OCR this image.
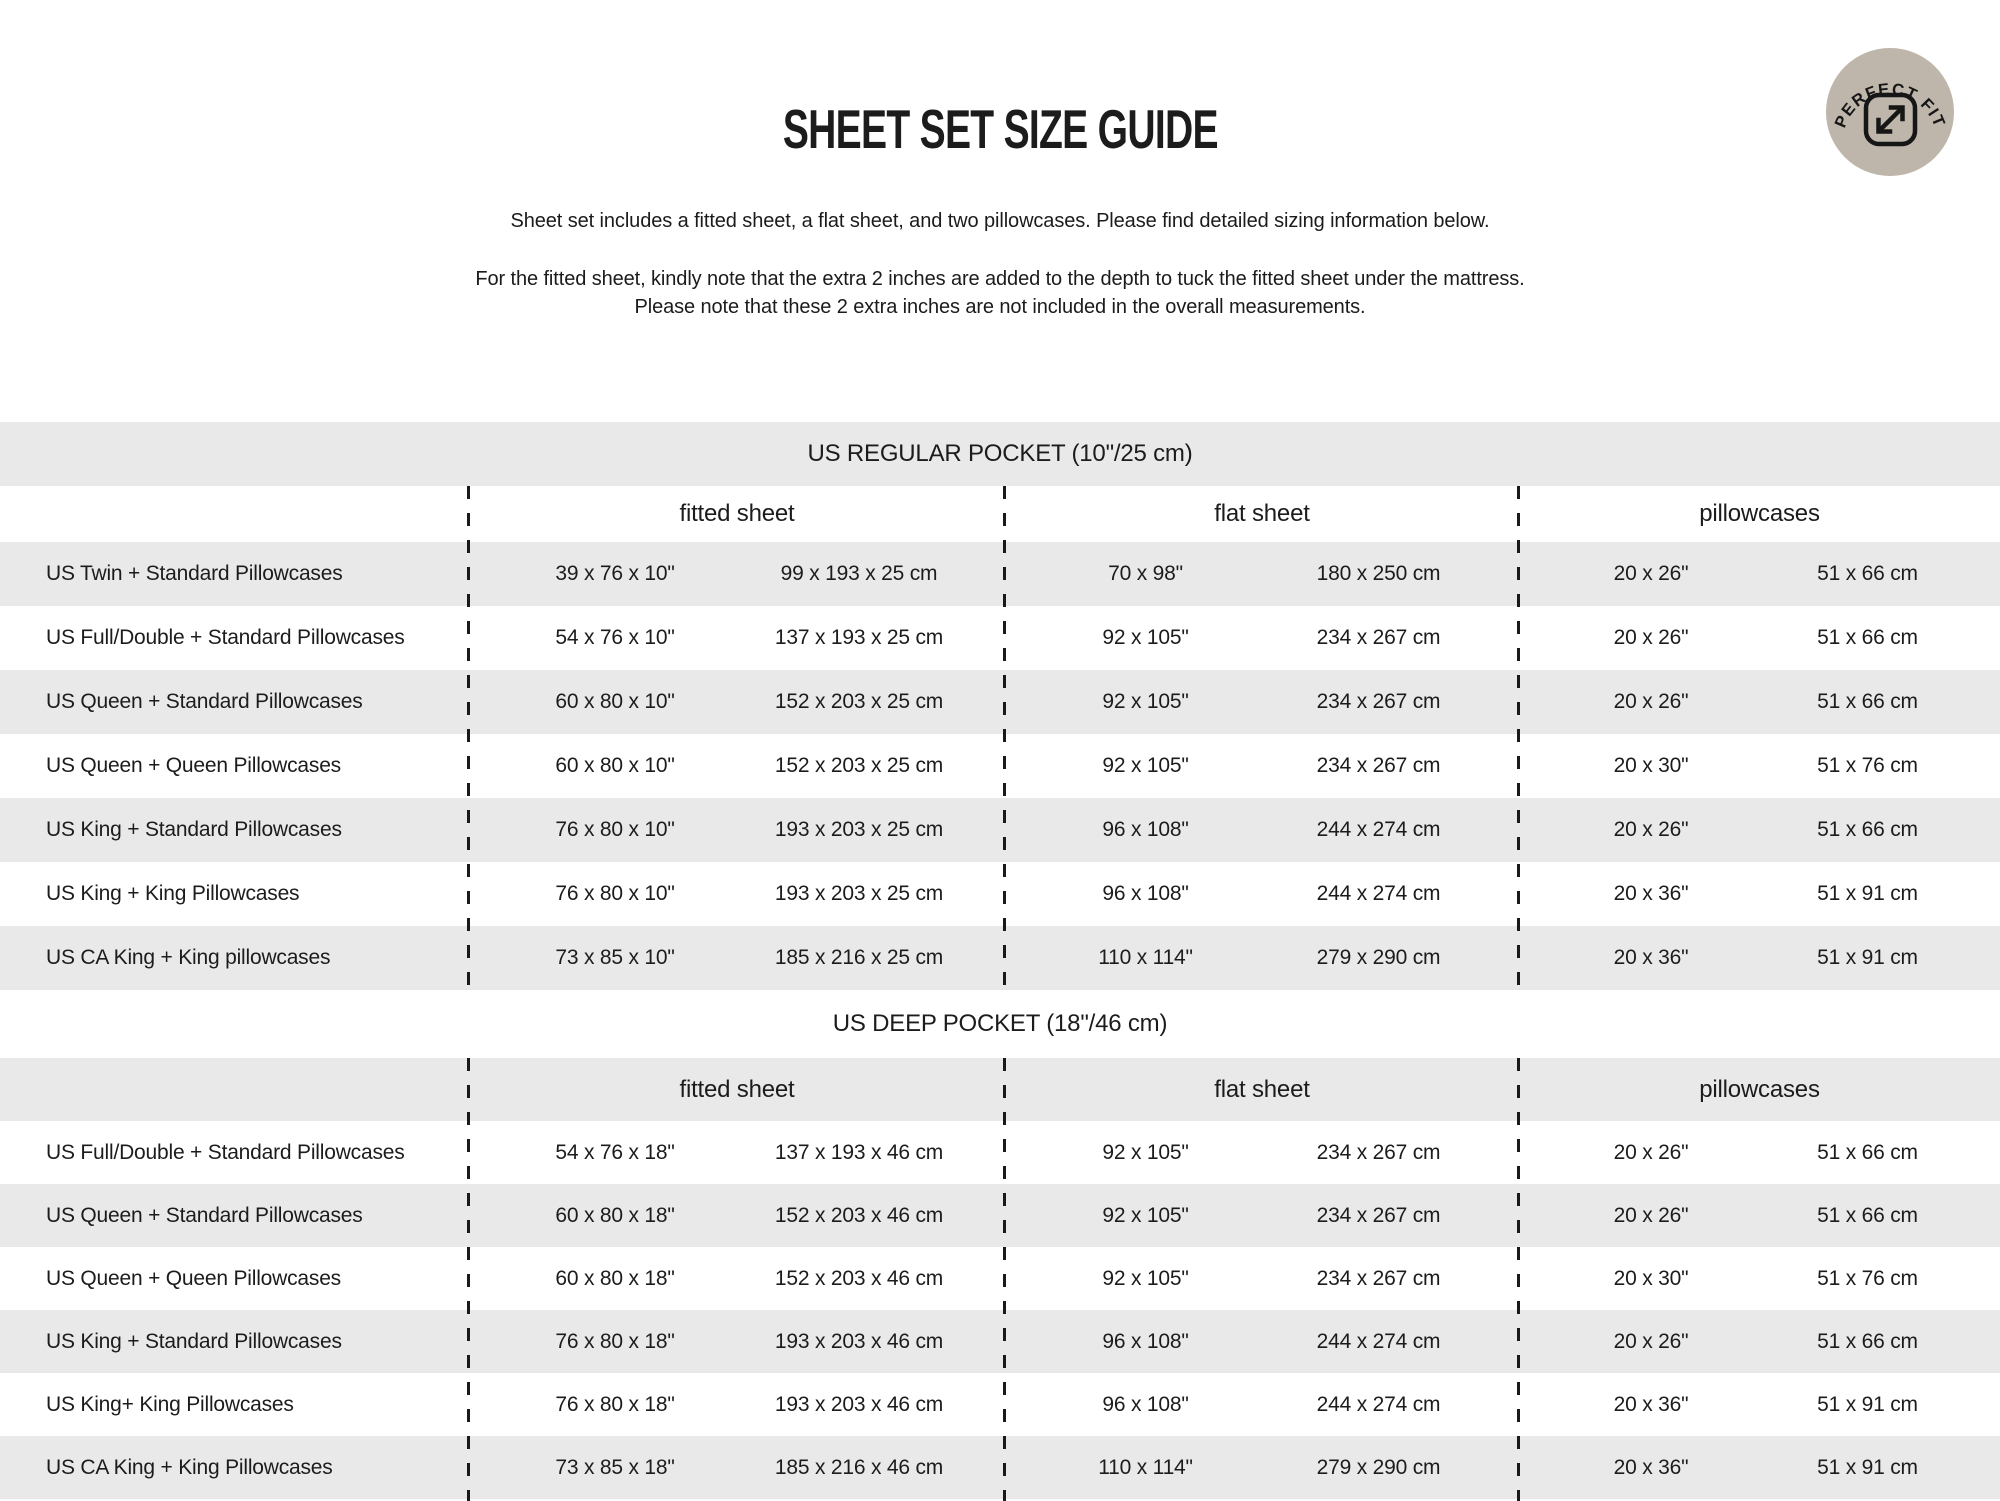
SHEET SET SIZE GUIDE	PERFECT FIT

Sheet set includes a fitted sheet, a flat sheet, and two pillowcases. Please find detailed sizing information below.

For the fitted sheet, kindly note that the extra 2 inches are added to the depth to tuck the fitted sheet under the mattress.
Please note that these 2 extra inches are not included in the overall measurements.

US REGULAR POCKET (10"/25 cm)
fitted sheet	flat sheet	pillowcases
US Twin + Standard Pillowcases	39 x 76 x 10"	99 x 193 x 25 cm	70 x 98"	180 x 250 cm	20 x 26"	51 x 66 cm
US Full/Double + Standard Pillowcases	54 x 76 x 10"	137 x 193 x 25 cm	92 x 105"	234 x 267 cm	20 x 26"	51 x 66 cm
US Queen + Standard Pillowcases	60 x 80 x 10"	152 x 203 x 25 cm	92 x 105"	234 x 267 cm	20 x 26"	51 x 66 cm
US Queen + Queen Pillowcases	60 x 80 x 10"	152 x 203 x 25 cm	92 x 105"	234 x 267 cm	20 x 30"	51 x 76 cm
US King + Standard Pillowcases	76 x 80 x 10"	193 x 203 x 25 cm	96 x 108"	244 x 274 cm	20 x 26"	51 x 66 cm
US King + King Pillowcases	76 x 80 x 10"	193 x 203 x 25 cm	96 x 108"	244 x 274 cm	20 x 36"	51 x 91 cm
US CA King + King pillowcases	73 x 85 x 10"	185 x 216 x 25 cm	110 x 114"	279 x 290 cm	20 x 36"	51 x 91 cm
US DEEP POCKET (18"/46 cm)
fitted sheet	flat sheet	pillowcases
US Full/Double + Standard Pillowcases	54 x 76 x 18"	137 x 193 x 46 cm	92 x 105"	234 x 267 cm	20 x 26"	51 x 66 cm
US Queen + Standard Pillowcases	60 x 80 x 18"	152 x 203 x 46 cm	92 x 105"	234 x 267 cm	20 x 26"	51 x 66 cm
US Queen + Queen Pillowcases	60 x 80 x 18"	152 x 203 x 46 cm	92 x 105"	234 x 267 cm	20 x 30"	51 x 76 cm
US King + Standard Pillowcases	76 x 80 x 18"	193 x 203 x 46 cm	96 x 108"	244 x 274 cm	20 x 26"	51 x 66 cm
US King+ King Pillowcases	76 x 80 x 18"	193 x 203 x 46 cm	96 x 108"	244 x 274 cm	20 x 36"	51 x 91 cm
US CA King + King Pillowcases	73 x 85 x 18"	185 x 216 x 46 cm	110 x 114"	279 x 290 cm	20 x 36"	51 x 91 cm
